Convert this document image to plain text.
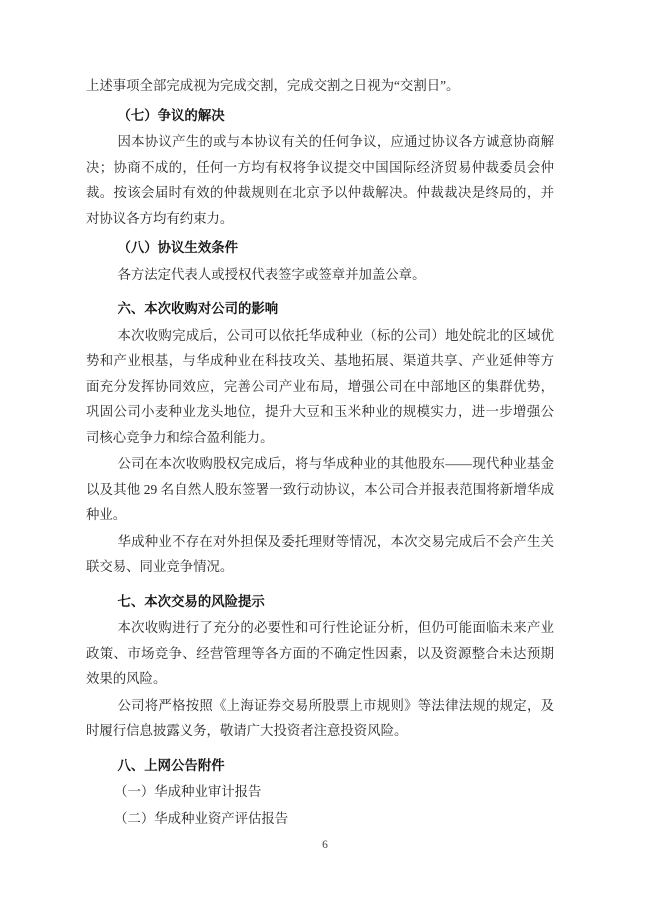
上述事项全部完成视为完成交割，完成交割之日视为“交割日”。

（七）争议的解决

因本协议产生的或与本协议有关的任何争议，应通过协议各方诚意协商解决；协商不成的，任何一方均有权将争议提交中国国际经济贸易仲裁委员会仲裁。按该会届时有效的仲裁规则在北京予以仲裁解决。仲裁裁决是终局的，并对协议各方均有约束力。

（八）协议生效条件

各方法定代表人或授权代表签字或签章并加盖公章。

六、本次收购对公司的影响

本次收购完成后，公司可以依托华成种业（标的公司）地处皖北的区域优势和产业根基，与华成种业在科技攻关、基地拓展、渠道共享、产业延伸等方面充分发挥协同效应，完善公司产业布局，增强公司在中部地区的集群优势，巩固公司小麦种业龙头地位，提升大豆和玉米种业的规模实力，进一步增强公司核心竞争力和综合盈利能力。

公司在本次收购股权完成后，将与华成种业的其他股东——现代种业基金以及其他 29 名自然人股东签署一致行动协议，本公司合并报表范围将新增华成种业。

华成种业不存在对外担保及委托理财等情况，本次交易完成后不会产生关联交易、同业竞争情况。

七、本次交易的风险提示

本次收购进行了充分的必要性和可行性论证分析，但仍可能面临未来产业政策、市场竞争、经营管理等各方面的不确定性因素，以及资源整合未达预期效果的风险。

公司将严格按照《上海证券交易所股票上市规则》等法律法规的规定，及时履行信息披露义务，敬请广大投资者注意投资风险。

八、上网公告附件

（一）华成种业审计报告

（二）华成种业资产评估报告

6
